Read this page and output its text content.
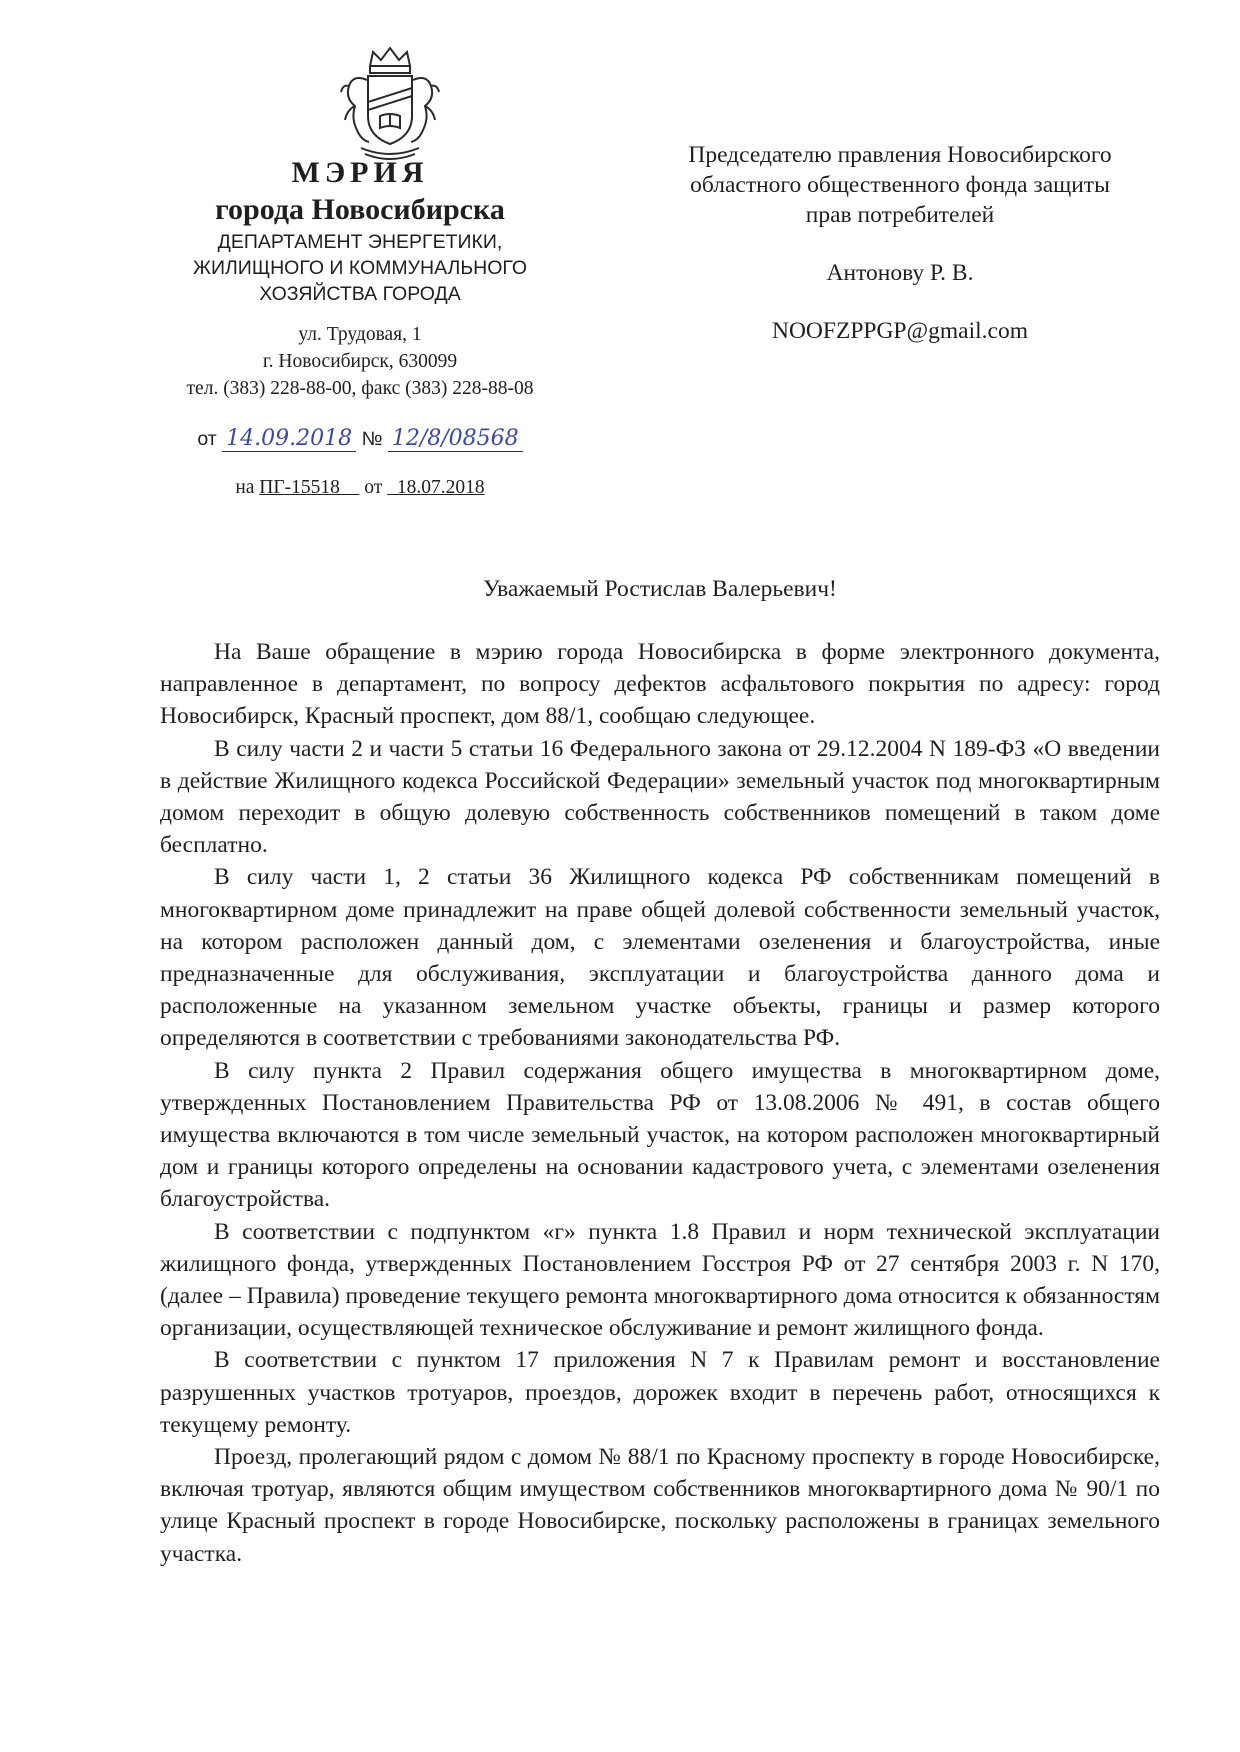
МЭРИЯ
города Новосибирска
ДЕПАРТАМЕНТ ЭНЕРГЕТИКИ,
ЖИЛИЩНОГО И КОММУНАЛЬНОГО
ХОЗЯЙСТВА ГОРОДА
ул. Трудовая, 1
г. Новосибирск, 630099
тел. (383) 228-88-00, факс (383) 228-88-08
от 14.09.2018 № 12/8/08568
на ПГ-15518 от 18.07.2018
Председателю правления Новосибирского
областного общественного фонда защиты
прав потребителей
Антонову Р. В.
NOOFZPPGP@gmail.com
Уважаемый Ростислав Валерьевич!

На Ваше обращение в мэрию города Новосибирска в форме электронного документа, направленное в департамент, по вопросу дефектов асфальтового покрытия по адресу: город Новосибирск, Красный проспект, дом 88/1, сообщаю следующее.

В силу части 2 и части 5 статьи 16 Федерального закона от 29.12.2004 N 189-ФЗ «О введении в действие Жилищного кодекса Российской Федерации» земельный участок под многоквартирным домом переходит в общую долевую собственность собственников помещений в таком доме бесплатно.

В силу части 1, 2 статьи 36 Жилищного кодекса РФ собственникам помещений в многоквартирном доме принадлежит на праве общей долевой собственности земельный участок, на котором расположен данный дом, с элементами озеленения и благоустройства, иные предназначенные для обслуживания, эксплуатации и благоустройства данного дома и расположенные на указанном земельном участке объекты, границы и размер которого определяются в соответствии с требованиями законодательства РФ.

В силу пункта 2 Правил содержания общего имущества в многоквартирном доме, утвержденных Постановлением Правительства РФ от 13.08.2006 № 491, в состав общего имущества включаются в том числе земельный участок, на котором расположен многоквартирный дом и границы которого определены на основании кадастрового учета, с элементами озеленения благоустройства.

В соответствии с подпунктом «г» пункта 1.8 Правил и норм технической эксплуатации жилищного фонда, утвержденных Постановлением Госстроя РФ от 27 сентября 2003 г. N 170, (далее – Правила) проведение текущего ремонта многоквартирного дома относится к обязанностям организации, осуществляющей техническое обслуживание и ремонт жилищного фонда.

В соответствии с пунктом 17 приложения N 7 к Правилам ремонт и восстановление разрушенных участков тротуаров, проездов, дорожек входит в перечень работ, относящихся к текущему ремонту.

Проезд, пролегающий рядом с домом № 88/1 по Красному проспекту в городе Новосибирске, включая тротуар, являются общим имуществом собственников многоквартирного дома № 90/1 по улице Красный проспект в городе Новосибирске, поскольку расположены в границах земельного участка.
